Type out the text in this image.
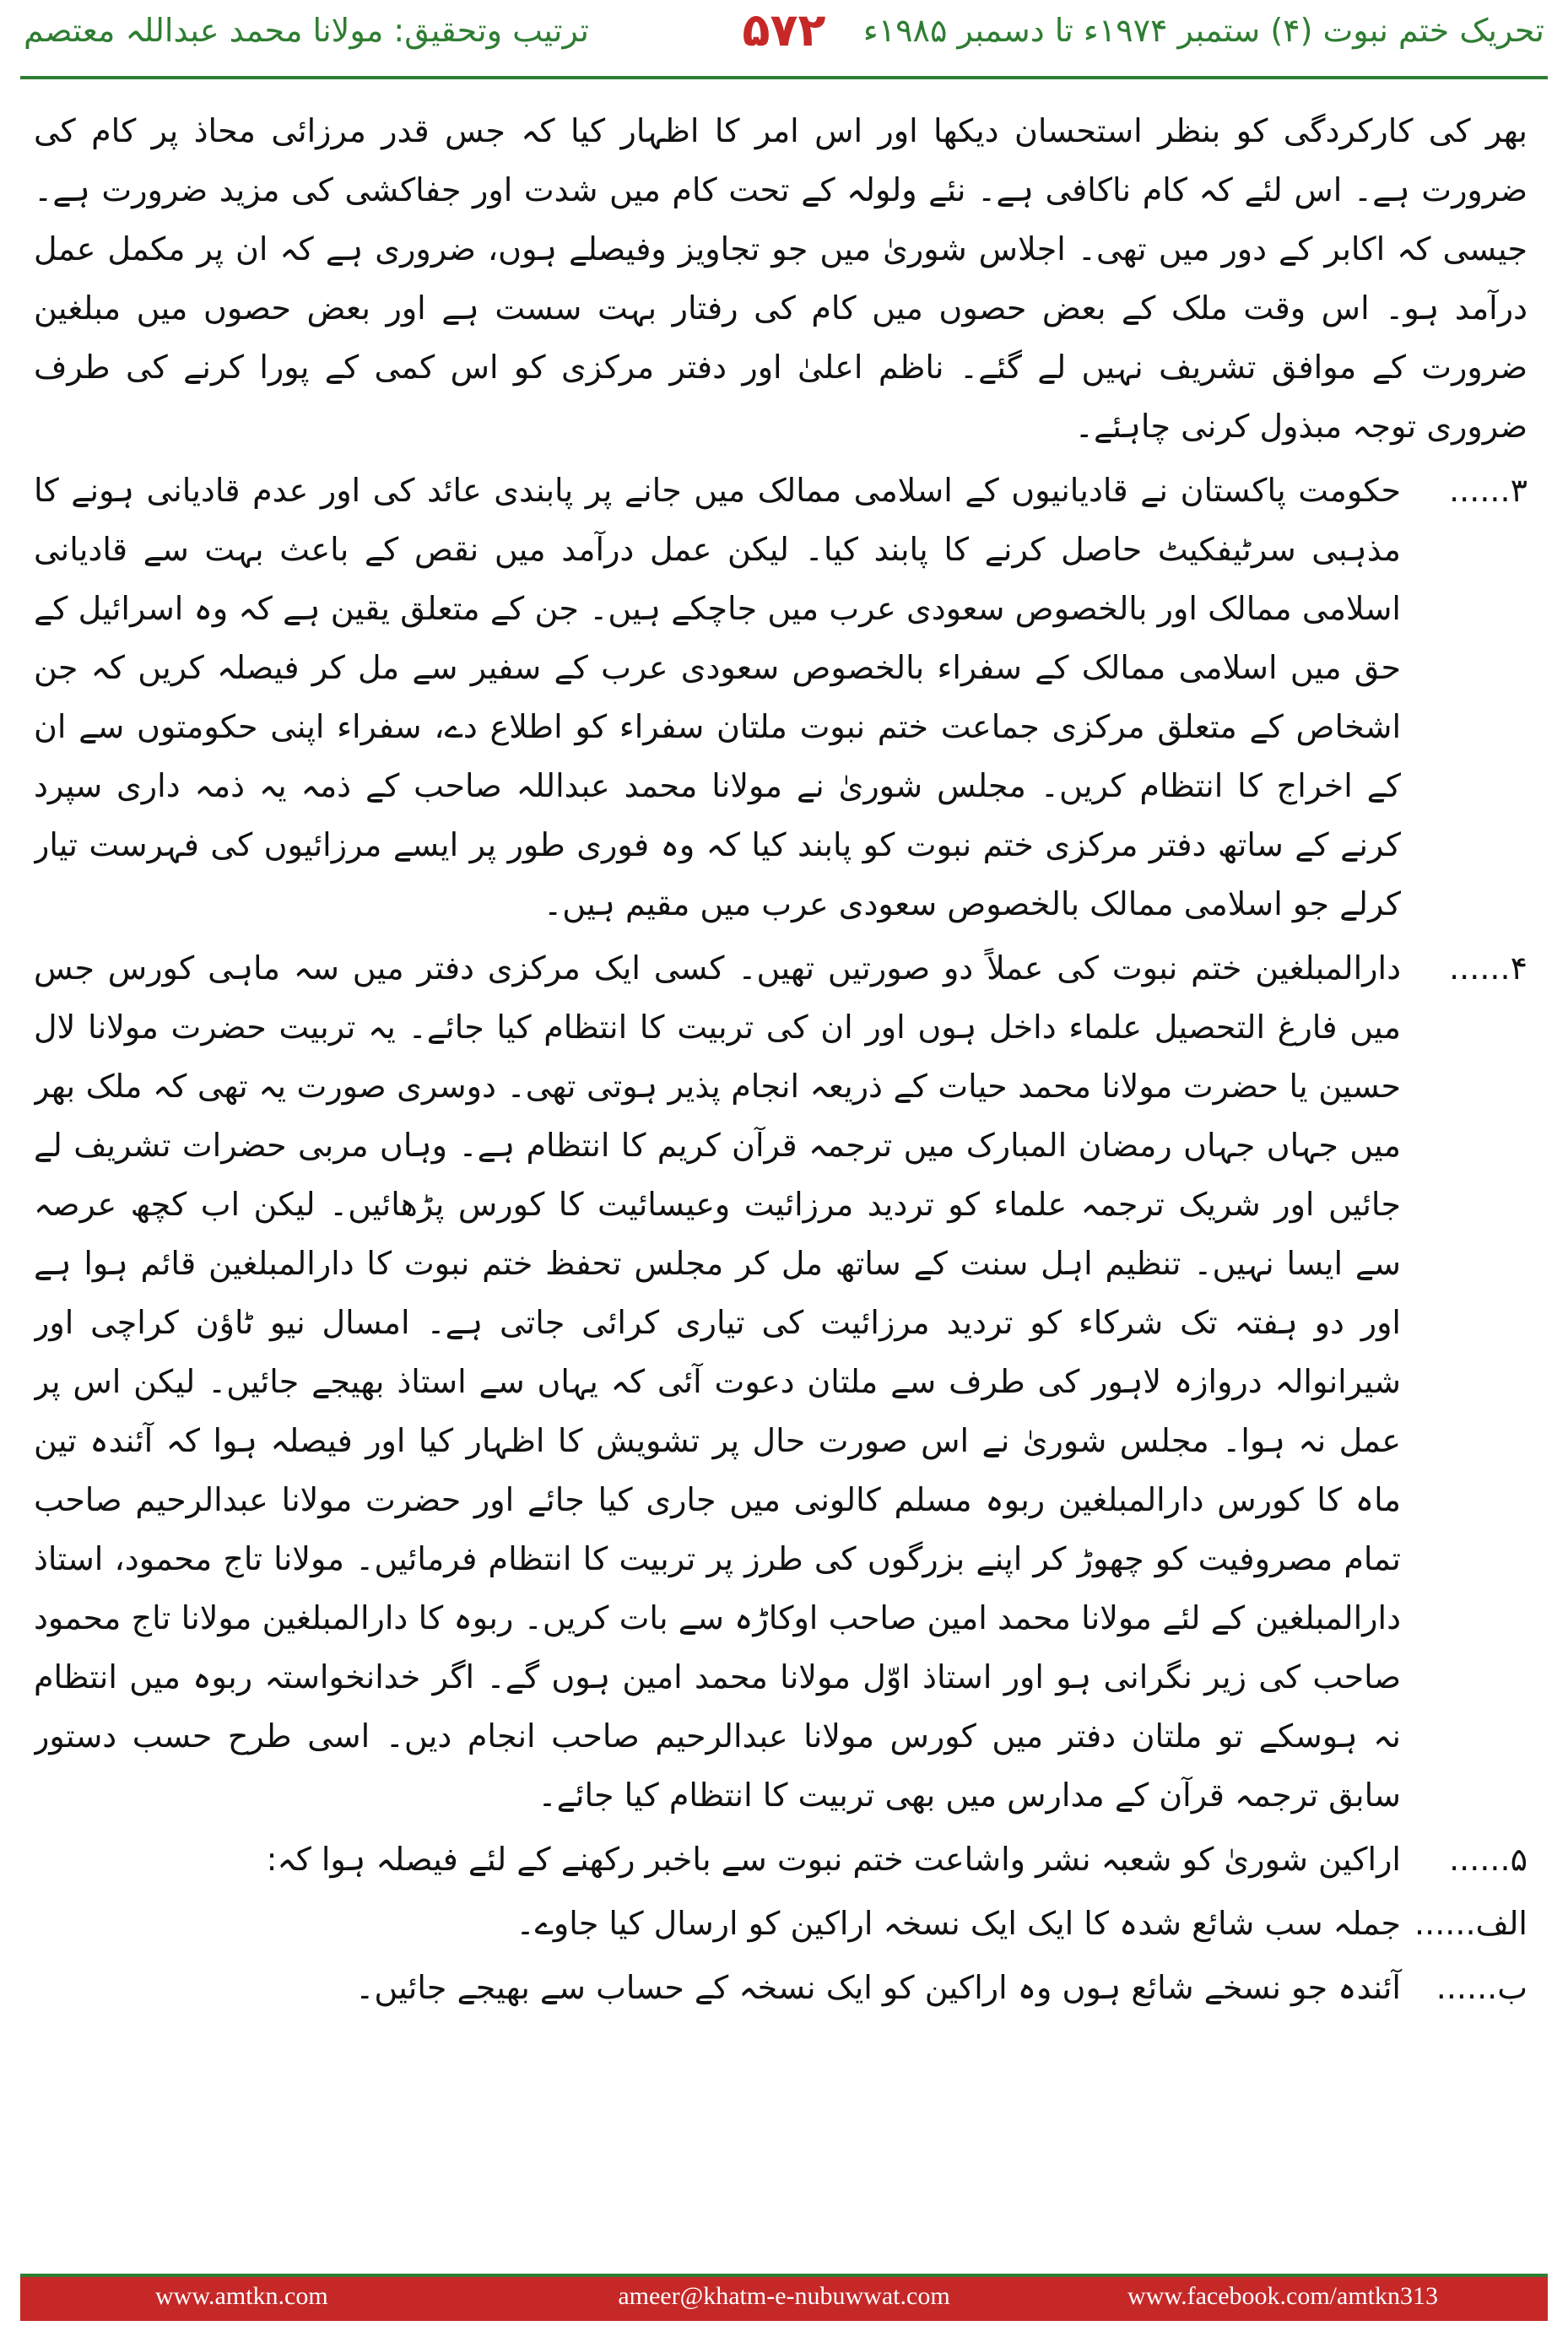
تحریک ختم نبوت (۴) ستمبر ۱۹۷۴ء تا دسمبر ۱۹۸۵ء
۵۷۲
ترتیب وتحقیق: مولانا محمد عبداللہ معتصم

بھر کی کارکردگی کو بنظر استحسان دیکھا اور اس امر کا اظہار کیا کہ جس قدر مرزائی محاذ پر کام کی ضرورت ہے۔ اس لئے کہ کام ناکافی ہے۔ نئے ولولہ کے تحت کام میں شدت اور جفاکشی کی مزید ضرورت ہے۔ جیسی کہ اکابر کے دور میں تھی۔ اجلاس شوریٰ میں جو تجاویز وفیصلے ہوں، ضروری ہے کہ ان پر مکمل عمل درآمد ہو۔ اس وقت ملک کے بعض حصوں میں کام کی رفتار بہت سست ہے اور بعض حصوں میں مبلغین ضرورت کے موافق تشریف نہیں لے گئے۔ ناظم اعلیٰ اور دفتر مرکزی کو اس کمی کے پورا کرنے کی طرف ضروری توجہ مبذول کرنی چاہئے۔

۳......
حکومت پاکستان نے قادیانیوں کے اسلامی ممالک میں جانے پر پابندی عائد کی اور عدم قادیانی ہونے کا مذہبی سرٹیفکیٹ حاصل کرنے کا پابند کیا۔ لیکن عمل درآمد میں نقص کے باعث بہت سے قادیانی اسلامی ممالک اور بالخصوص سعودی عرب میں جاچکے ہیں۔ جن کے متعلق یقین ہے کہ وہ اسرائیل کے حق میں اسلامی ممالک کے سفراء بالخصوص سعودی عرب کے سفیر سے مل کر فیصلہ کریں کہ جن اشخاص کے متعلق مرکزی جماعت ختم نبوت ملتان سفراء کو اطلاع دے، سفراء اپنی حکومتوں سے ان کے اخراج کا انتظام کریں۔ مجلس شوریٰ نے مولانا محمد عبداللہ صاحب کے ذمہ یہ ذمہ داری سپرد کرنے کے ساتھ دفتر مرکزی ختم نبوت کو پابند کیا کہ وہ فوری طور پر ایسے مرزائیوں کی فہرست تیار کرلے جو اسلامی ممالک بالخصوص سعودی عرب میں مقیم ہیں۔
۴......
دارالمبلغین ختم نبوت کی عملاً دو صورتیں تھیں۔ کسی ایک مرکزی دفتر میں سہ ماہی کورس جس میں فارغ التحصیل علماء داخل ہوں اور ان کی تربیت کا انتظام کیا جائے۔ یہ تربیت حضرت مولانا لال حسین یا حضرت مولانا محمد حیات کے ذریعہ انجام پذیر ہوتی تھی۔ دوسری صورت یہ تھی کہ ملک بھر میں جہاں جہاں رمضان المبارک میں ترجمہ قرآن کریم کا انتظام ہے۔ وہاں مربی حضرات تشریف لے جائیں اور شریک ترجمہ علماء کو تردید مرزائیت وعیسائیت کا کورس پڑھائیں۔ لیکن اب کچھ عرصہ سے ایسا نہیں۔ تنظیم اہل سنت کے ساتھ مل کر مجلس تحفظ ختم نبوت کا دارالمبلغین قائم ہوا ہے اور دو ہفتہ تک شرکاء کو تردید مرزائیت کی تیاری کرائی جاتی ہے۔ امسال نیو ٹاؤن کراچی اور شیرانوالہ دروازہ لاہور کی طرف سے ملتان دعوت آئی کہ یہاں سے استاذ بھیجے جائیں۔ لیکن اس پر عمل نہ ہوا۔ مجلس شوریٰ نے اس صورت حال پر تشویش کا اظہار کیا اور فیصلہ ہوا کہ آئندہ تین ماہ کا کورس دارالمبلغین ربوہ مسلم کالونی میں جاری کیا جائے اور حضرت مولانا عبدالرحیم صاحب تمام مصروفیت کو چھوڑ کر اپنے بزرگوں کی طرز پر تربیت کا انتظام فرمائیں۔ مولانا تاج محمود، استاذ دارالمبلغین کے لئے مولانا محمد امین صاحب اوکاڑہ سے بات کریں۔ ربوہ کا دارالمبلغین مولانا تاج محمود صاحب کی زیر نگرانی ہو اور استاذ اوّل مولانا محمد امین ہوں گے۔ اگر خدانخواستہ ربوہ میں انتظام نہ ہوسکے تو ملتان دفتر میں کورس مولانا عبدالرحیم صاحب انجام دیں۔ اسی طرح حسب دستور سابق ترجمہ قرآن کے مدارس میں بھی تربیت کا انتظام کیا جائے۔
۵......
اراکین شوریٰ کو شعبہ نشر واشاعت ختم نبوت سے باخبر رکھنے کے لئے فیصلہ ہوا کہ:
الف......
جملہ سب شائع شدہ کا ایک ایک نسخہ اراکین کو ارسال کیا جاوے۔
ب......
آئندہ جو نسخے شائع ہوں وہ اراکین کو ایک نسخہ کے حساب سے بھیجے جائیں۔
www.amtkn.com	ameer@khatm-e-nubuwwat.com	www.facebook.com/amtkn313
